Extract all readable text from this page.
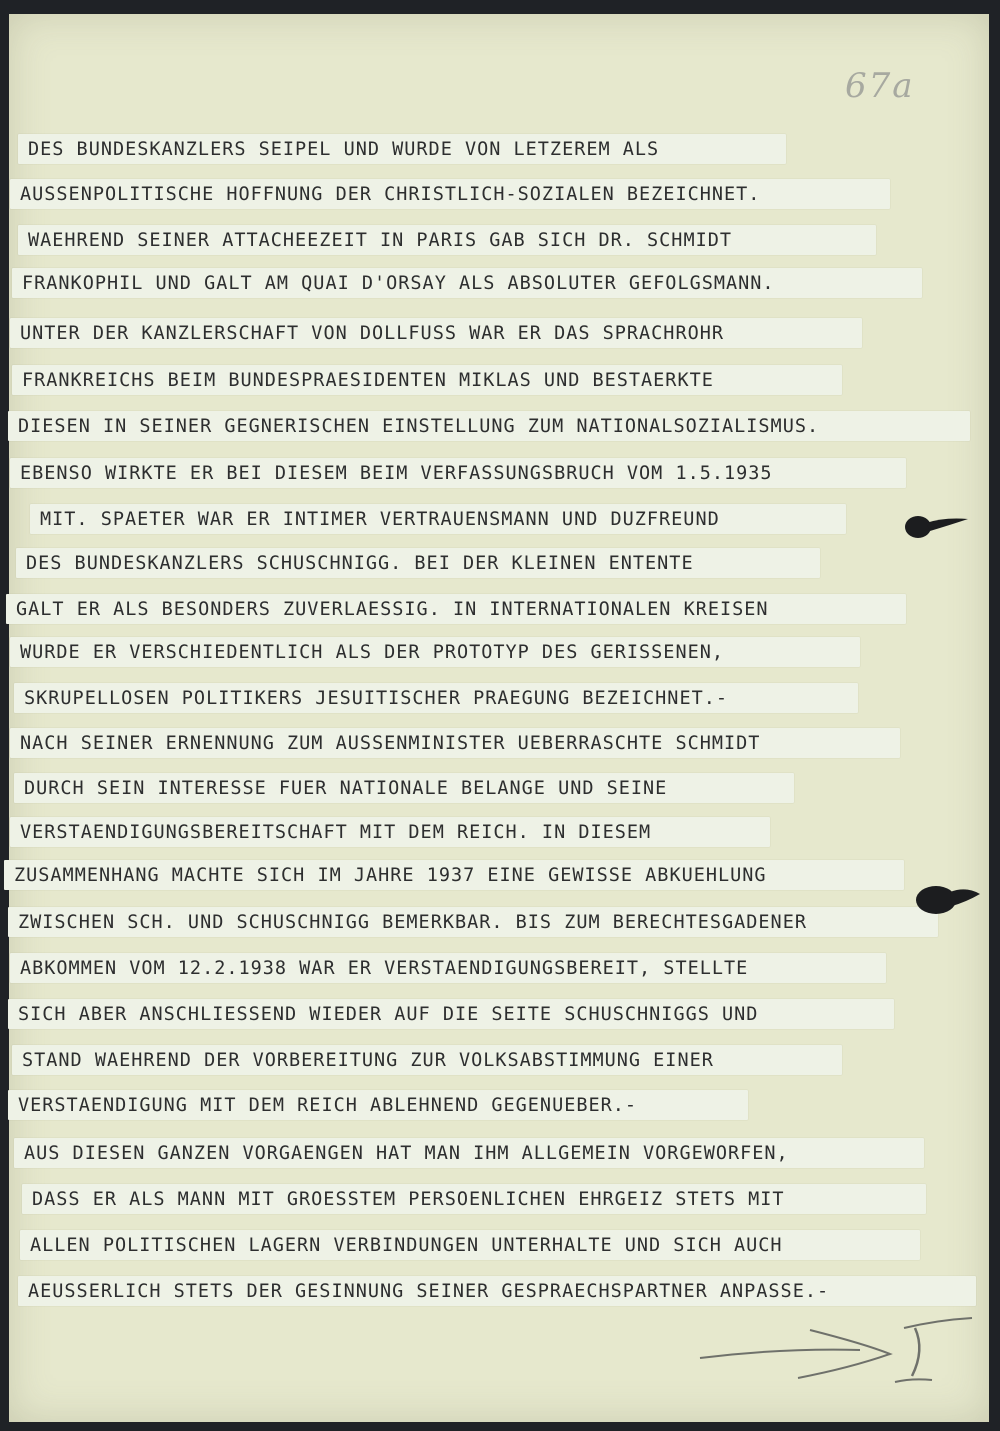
67a
DES BUNDESKANZLERS SEIPEL UND WURDE VON LETZEREM ALS
AUSSENPOLITISCHE HOFFNUNG DER CHRISTLICH-SOZIALEN BEZEICHNET.
WAEHREND SEINER ATTACHEEZEIT IN PARIS GAB SICH DR. SCHMIDT
FRANKOPHIL UND GALT AM QUAI D'ORSAY ALS ABSOLUTER GEFOLGSMANN.
UNTER DER KANZLERSCHAFT VON DOLLFUSS WAR ER DAS SPRACHROHR
FRANKREICHS BEIM BUNDESPRAESIDENTEN MIKLAS UND BESTAERKTE
DIESEN IN SEINER GEGNERISCHEN EINSTELLUNG ZUM NATIONALSOZIALISMUS.
EBENSO WIRKTE ER BEI DIESEM BEIM VERFASSUNGSBRUCH VOM 1.5.1935
MIT. SPAETER WAR ER INTIMER VERTRAUENSMANN UND DUZFREUND
DES BUNDESKANZLERS SCHUSCHNIGG. BEI DER KLEINEN ENTENTE
GALT ER ALS BESONDERS ZUVERLAESSIG. IN INTERNATIONALEN KREISEN
WURDE ER VERSCHIEDENTLICH ALS DER PROTOTYP DES GERISSENEN,
SKRUPELLOSEN POLITIKERS JESUITISCHER PRAEGUNG BEZEICHNET.-
NACH SEINER ERNENNUNG ZUM AUSSENMINISTER UEBERRASCHTE SCHMIDT
DURCH SEIN INTERESSE FUER NATIONALE BELANGE UND SEINE
VERSTAENDIGUNGSBEREITSCHAFT MIT DEM REICH. IN DIESEM
ZUSAMMENHANG MACHTE SICH IM JAHRE 1937 EINE GEWISSE ABKUEHLUNG
ZWISCHEN SCH. UND SCHUSCHNIGG BEMERKBAR. BIS ZUM BERECHTESGADENER
ABKOMMEN VOM 12.2.1938 WAR ER VERSTAENDIGUNGSBEREIT, STELLTE
SICH ABER ANSCHLIESSEND WIEDER AUF DIE SEITE SCHUSCHNIGGS UND
STAND WAEHREND DER VORBEREITUNG ZUR VOLKSABSTIMMUNG EINER
VERSTAENDIGUNG MIT DEM REICH ABLEHNEND GEGENUEBER.-
AUS DIESEN GANZEN VORGAENGEN HAT MAN IHM ALLGEMEIN VORGEWORFEN,
DASS ER ALS MANN MIT GROESSTEM PERSOENLICHEN EHRGEIZ STETS MIT
ALLEN POLITISCHEN LAGERN VERBINDUNGEN UNTERHALTE UND SICH AUCH
AEUSSERLICH STETS DER GESINNUNG SEINER GESPRAECHSPARTNER ANPASSE.-
